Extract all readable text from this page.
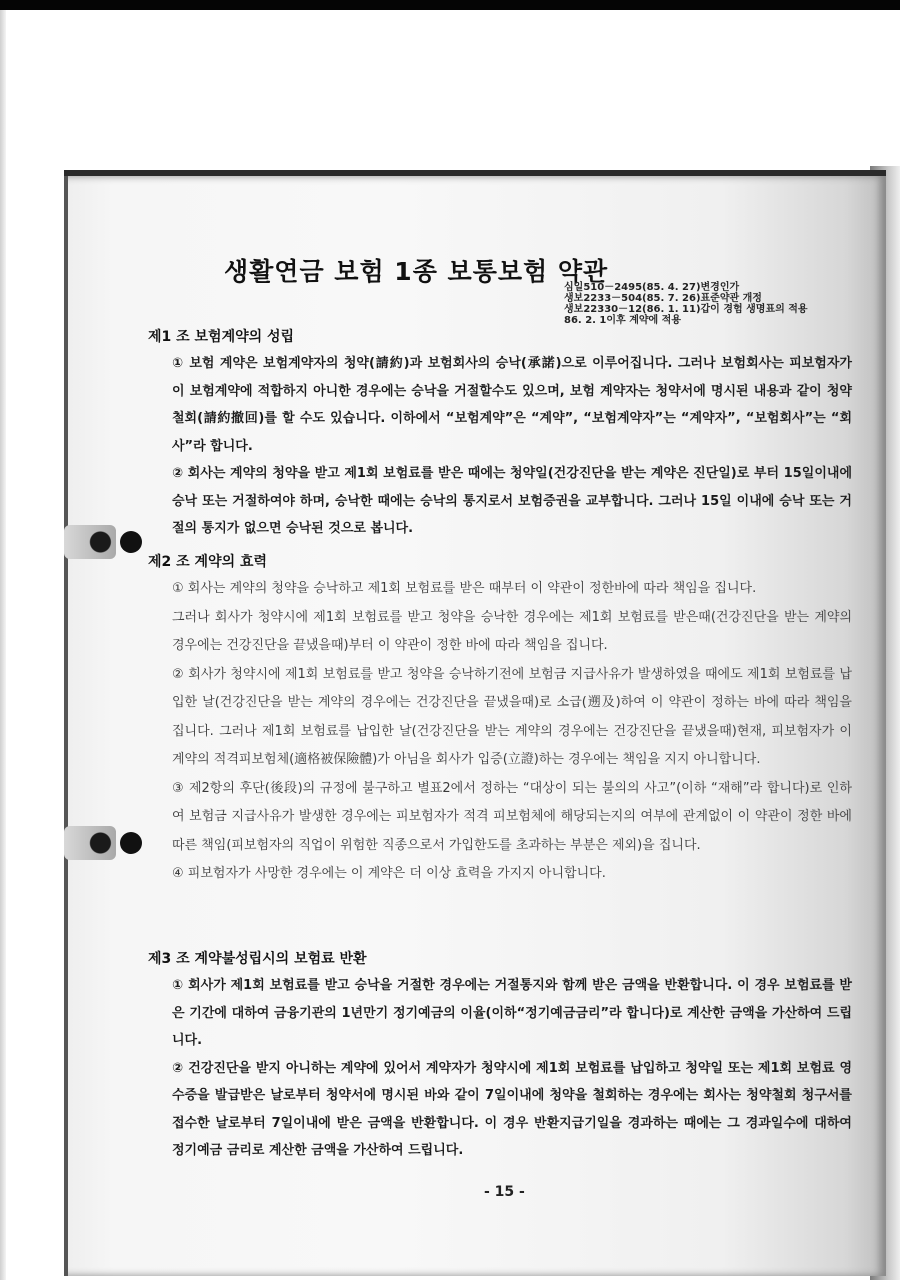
생활연금 보험 1종 보통보험 약관
심일510－2495(85. 4. 27)변경인가
생보2233－504(85. 7. 26)표준약관 개정
생보22330－12(86. 1. 11)갑이 경험 생명표의 적용
86. 2. 1이후 계약에 적용
제1 조 보험계약의 성립
① 보험 계약은 보험계약자의 청약(請約)과 보험회사의 승낙(承諾)으로 이루어집니다. 그러나 보험회사는 피보험자가 이 보험계약에 적합하지 아니한 경우에는 승낙을 거절할수도 있으며, 보험 계약자는 청약서에 명시된 내용과 같이 청약철회(請約撤回)를 할 수도 있습니다. 이하에서 “보험계약”은 “계약”, “보험계약자”는 “계약자”, “보험회사”는 “회사”라 합니다.
② 회사는 계약의 청약을 받고 제1회 보험료를 받은 때에는 청약일(건강진단을 받는 계약은 진단일)로 부터 15일이내에 승낙 또는 거절하여야 하며, 승낙한 때에는 승낙의 통지로서 보험증권을 교부합니다. 그러나 15일 이내에 승낙 또는 거절의 통지가 없으면 승낙된 것으로 봅니다.
제2 조 계약의 효력
① 회사는 계약의 청약을 승낙하고 제1회 보험료를 받은 때부터 이 약관이 정한바에 따라 책임을 집니다.
그러나 회사가 청약시에 제1회 보험료를 받고 청약을 승낙한 경우에는 제1회 보험료를 받은때(건강진단을 받는 계약의 경우에는 건강진단을 끝냈을때)부터 이 약관이 정한 바에 따라 책임을 집니다.
② 회사가 청약시에 제1회 보험료를 받고 청약을 승낙하기전에 보험금 지급사유가 발생하였을 때에도 제1회 보험료를 납입한 날(건강진단을 받는 계약의 경우에는 건강진단을 끝냈을때)로 소급(遡及)하여 이 약관이 정하는 바에 따라 책임을 집니다. 그러나 제1회 보험료를 납입한 날(건강진단을 받는 계약의 경우에는 건강진단을 끝냈을때)현재, 피보험자가 이 계약의 적격피보험체(適格被保險體)가 아님을 회사가 입증(立證)하는 경우에는 책임을 지지 아니합니다.
③ 제2항의 후단(後段)의 규정에 불구하고 별표2에서 정하는 “대상이 되는 불의의 사고”(이하 “재해”라 합니다)로 인하여 보험금 지급사유가 발생한 경우에는 피보험자가 적격 피보험체에 해당되는지의 여부에 관계없이 이 약관이 정한 바에 따른 책임(피보험자의 직업이 위험한 직종으로서 가입한도를 초과하는 부분은 제외)을 집니다.
④ 피보험자가 사망한 경우에는 이 계약은 더 이상 효력을 가지지 아니합니다.
제3 조 계약불성립시의 보험료 반환
① 회사가 제1회 보험료를 받고 승낙을 거절한 경우에는 거절통지와 함께 받은 금액을 반환합니다. 이 경우 보험료를 받은 기간에 대하여 금융기관의 1년만기 정기예금의 이율(이하“정기예금금리”라 합니다)로 계산한 금액을 가산하여 드립니다.
② 건강진단을 받지 아니하는 계약에 있어서 계약자가 청약시에 제1회 보험료를 납입하고 청약일 또는 제1회 보험료 영수증을 발급받은 날로부터 청약서에 명시된 바와 같이 7일이내에 청약을 철회하는 경우에는 회사는 청약철회 청구서를 접수한 날로부터 7일이내에 받은 금액을 반환합니다. 이 경우 반환지급기일을 경과하는 때에는 그 경과일수에 대하여 정기예금 금리로 계산한 금액을 가산하여 드립니다.
- 15 -
